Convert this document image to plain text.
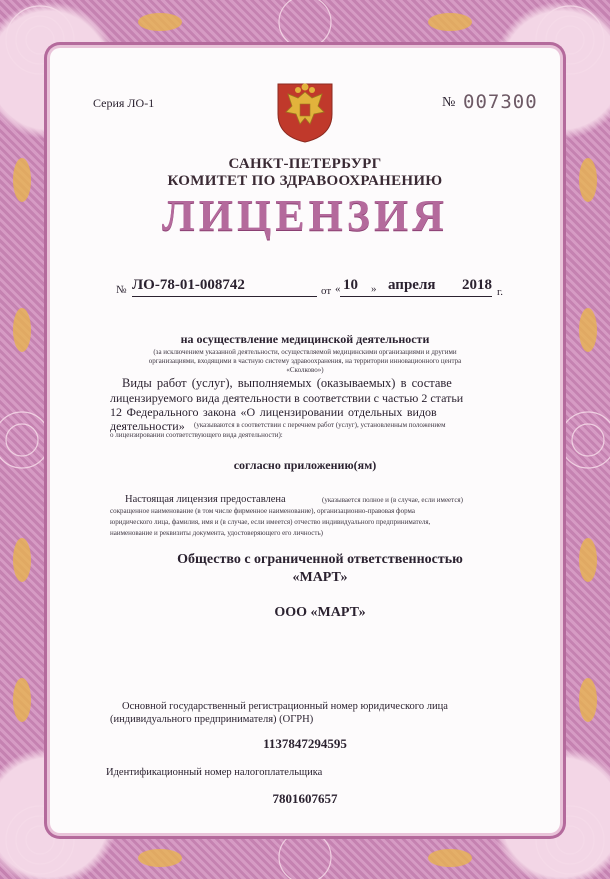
Серия ЛО-1	№ 007300
САНКТ-ПЕТЕРБУРГ
КОМИТЕТ ПО ЗДРАВООХРАНЕНИЮ
ЛИЦЕНЗИЯ
№ ЛО-78-01-008742	от « 10 » апреля 2018 г.
на осуществление медицинской деятельности
(за исключением указанной деятельности, осуществляемой медицинскими организациями и другими
организациями, входящими в частную систему здравоохранения, на территории инновационного центра
«Сколково»)
Виды работ (услуг), выполняемых (оказываемых) в составе
лицензируемого вида деятельности в соответствии с частью 2 статьи
12 Федерального закона «О лицензировании отдельных видов
деятельности» (указываются в соответствии с перечнем работ (услуг), установленным положением
о лицензировании соответствующего вида деятельности):
согласно приложению(ям)
Настоящая лицензия предоставлена	(указывается полное и (в случае, если имеется)
сокращенное наименование (в том числе фирменное наименование), организационно-правовая форма
юридического лица, фамилия, имя и (в случае, если имеется) отчество индивидуального предпринимателя,
наименование и реквизиты документа, удостоверяющего его личность)
Общество с ограниченной ответственностью
«МАРТ»
ООО «МАРТ»
Основной государственный регистрационный номер юридического лица
(индивидуального предпринимателя) (ОГРН)
1137847294595
Идентификационный номер налогоплательщика
7801607657
